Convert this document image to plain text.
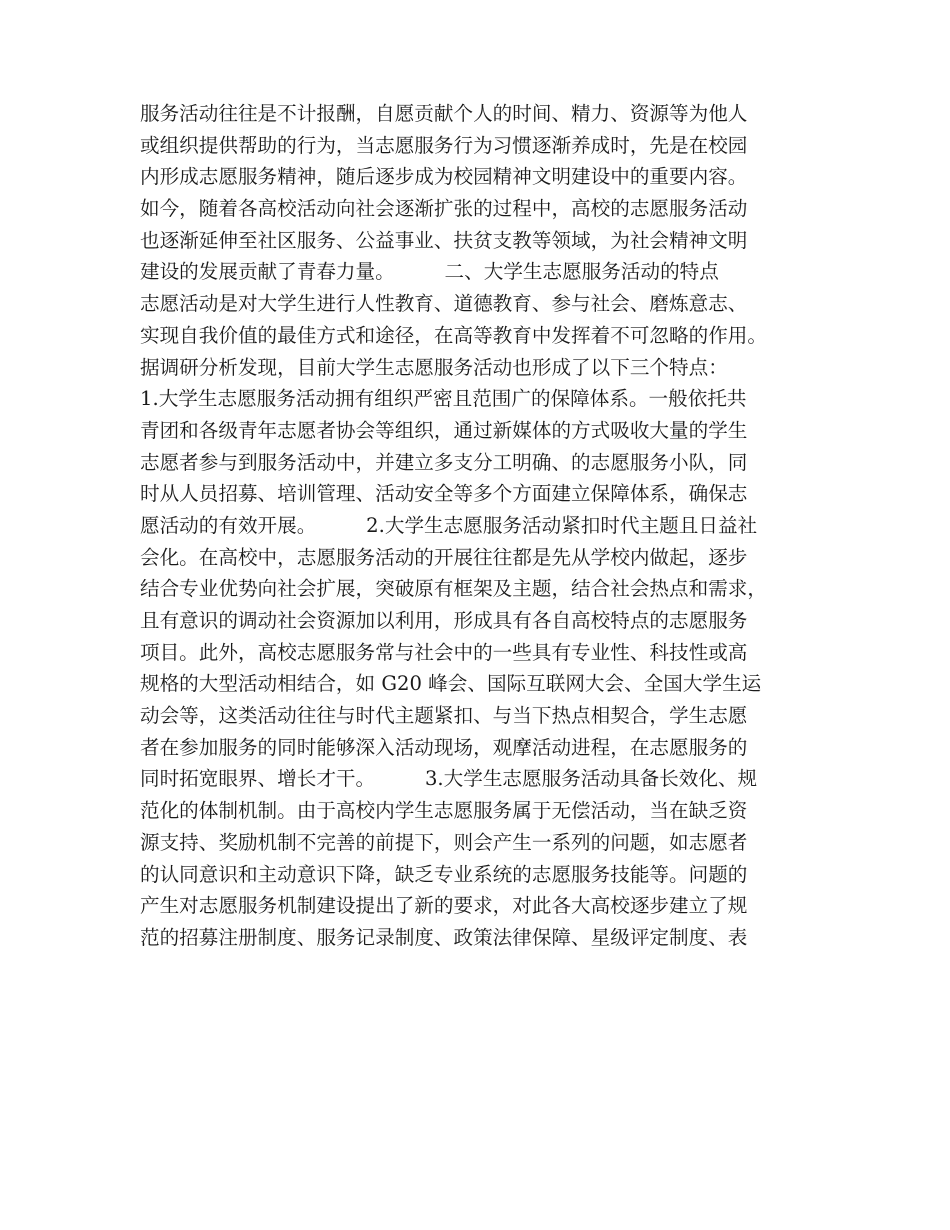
服务活动往往是不计报酬，自愿贡献个人的时间、精力、资源等为他人
或组织提供帮助的行为，当志愿服务行为习惯逐渐养成时，先是在校园
内形成志愿服务精神，随后逐步成为校园精神文明建设中的重要内容。
如今，随着各高校活动向社会逐渐扩张的过程中，高校的志愿服务活动
也逐渐延伸至社区服务、公益事业、扶贫支教等领域，为社会精神文明
建设的发展贡献了青春力量。        二、大学生志愿服务活动的特点
志愿活动是对大学生进行人性教育、道德教育、参与社会、磨炼意志、
实现自我价值的最佳方式和途径，在高等教育中发挥着不可忽略的作用。
据调研分析发现，目前大学生志愿服务活动也形成了以下三个特点：
1.大学生志愿服务活动拥有组织严密且范围广的保障体系。一般依托共
青团和各级青年志愿者协会等组织，通过新媒体的方式吸收大量的学生
志愿者参与到服务活动中，并建立多支分工明确、的志愿服务小队，同
时从人员招募、培训管理、活动安全等多个方面建立保障体系，确保志
愿活动的有效开展。        2.大学生志愿服务活动紧扣时代主题且日益社
会化。在高校中，志愿服务活动的开展往往都是先从学校内做起，逐步
结合专业优势向社会扩展，突破原有框架及主题，结合社会热点和需求，
且有意识的调动社会资源加以利用，形成具有各自高校特点的志愿服务
项目。此外，高校志愿服务常与社会中的一些具有专业性、科技性或高
规格的大型活动相结合，如 G20 峰会、国际互联网大会、全国大学生运
动会等，这类活动往往与时代主题紧扣、与当下热点相契合，学生志愿
者在参加服务的同时能够深入活动现场，观摩活动进程，在志愿服务的
同时拓宽眼界、增长才干。        3.大学生志愿服务活动具备长效化、规
范化的体制机制。由于高校内学生志愿服务属于无偿活动，当在缺乏资
源支持、奖励机制不完善的前提下，则会产生一系列的问题，如志愿者
的认同意识和主动意识下降，缺乏专业系统的志愿服务技能等。问题的
产生对志愿服务机制建设提出了新的要求，对此各大高校逐步建立了规
范的招募注册制度、服务记录制度、政策法律保障、星级评定制度、表
